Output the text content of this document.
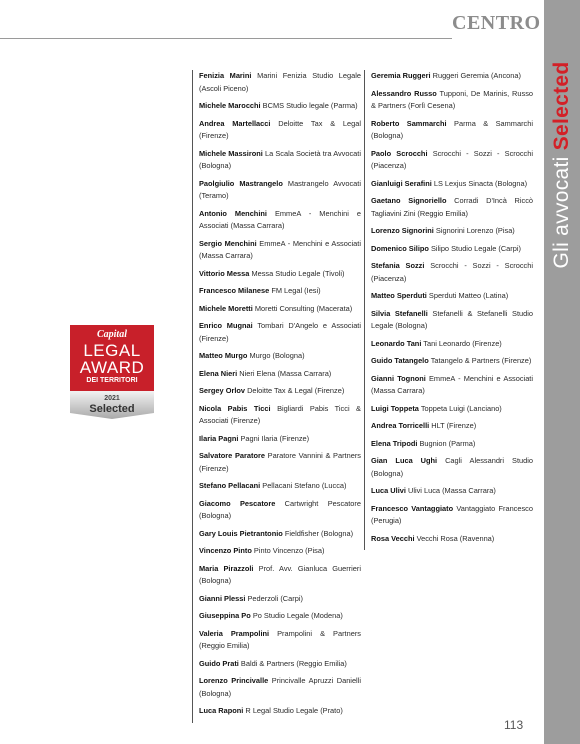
CENTRO
Gli avvocati Selected
Capital
LEGAL
AWARD
DEI TERRITORI
2021
Selected
Fenizia Marini Marini Fenizia Studio Legale (Ascoli Piceno)
Michele Marocchi BCMS Studio legale (Parma)
Andrea Martellacci Deloitte Tax & Legal (Firenze)
Michele Massironi La Scala Società tra Avvocati (Bologna)
Paolgiulio Mastrangelo Mastrangelo Avvocati (Teramo)
Antonio Menchini EmmeA - Menchini e Associati (Massa Carrara)
Sergio Menchini EmmeA - Menchini e Associati (Massa Carrara)
Vittorio Messa Messa Studio Legale (Tivoli)
Francesco Milanese FM Legal (Iesi)
Michele Moretti Moretti Consulting (Macerata)
Enrico Mugnai Tombari D'Angelo e Associati (Firenze)
Matteo Murgo Murgo (Bologna)
Elena Nieri Nieri Elena (Massa Carrara)
Sergey Orlov Deloitte Tax & Legal (Firenze)
Nicola Pabis Ticci Bigliardi Pabis Ticci & Associati (Firenze)
Ilaria Pagni Pagni Ilaria (Firenze)
Salvatore Paratore Paratore Vannini & Partners (Firenze)
Stefano Pellacani Pellacani Stefano (Lucca)
Giacomo Pescatore Cartwright Pescatore (Bologna)
Gary Louis Pietrantonio Fieldfisher (Bologna)
Vincenzo Pinto Pinto Vincenzo (Pisa)
Maria Pirazzoli Prof. Avv. Gianluca Guerrieri (Bologna)
Gianni Plessi Pederzoli (Carpi)
Giuseppina Po Po Studio Legale (Modena)
Valeria Prampolini Prampolini & Partners (Reggio Emilia)
Guido Prati Baldi & Partners (Reggio Emilia)
Lorenzo Princivalle Princivalle Apruzzi Danielli (Bologna)
Luca Raponi R Legal Studio Legale (Prato)
Geremia Ruggeri Ruggeri Geremia (Ancona)
Alessandro Russo Tupponi, De Marinis, Russo & Partners (Forlì Cesena)
Roberto Sammarchi Parma & Sammarchi (Bologna)
Paolo Scrocchi Scrocchi - Sozzi - Scrocchi (Piacenza)
Gianluigi Serafini LS Lexjus Sinacta (Bologna)
Gaetano Signoriello Corradi D'Incà Riccò Tagliavini Zini (Reggio Emilia)
Lorenzo Signorini Signorini Lorenzo (Pisa)
Domenico Silipo Silipo Studio Legale (Carpi)
Stefania Sozzi Scrocchi - Sozzi - Scrocchi (Piacenza)
Matteo Sperduti Sperduti Matteo (Latina)
Silvia Stefanelli Stefanelli & Stefanelli Studio Legale (Bologna)
Leonardo Tani Tani Leonardo (Firenze)
Guido Tatangelo Tatangelo & Partners (Firenze)
Gianni Tognoni EmmeA - Menchini e Associati (Massa Carrara)
Luigi Toppeta Toppeta Luigi (Lanciano)
Andrea Torricelli HLT (Firenze)
Elena Tripodi Bugnion (Parma)
Gian Luca Ughi Cagli Alessandri Studio (Bologna)
Luca Ulivi Ulivi Luca (Massa Carrara)
Francesco Vantaggiato Vantaggiato Francesco (Perugia)
Rosa Vecchi Vecchi Rosa (Ravenna)
113
